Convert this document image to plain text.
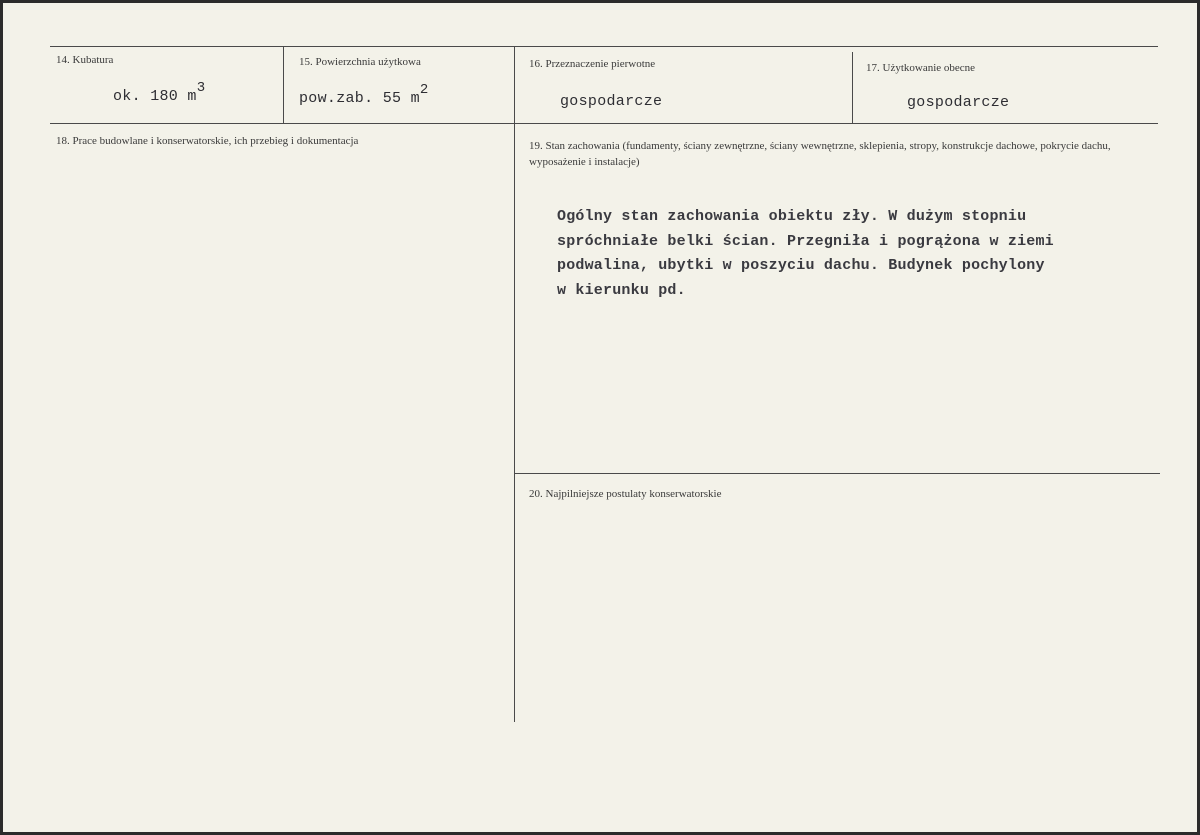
14. Kubatura
ok. 180 $m^3$
15. Powierzchnia użytkowa
pow.zab. 55 $m^2$
16. Przeznaczenie pierwotne
gospodarcze
17. Użytkowanie obecne
gospodarcze
18. Prace budowlane i konserwatorskie, ich przebieg i dokumentacja	19. Stan zachowania (fundamenty, ściany zewnętrzne, ściany wewnętrzne, sklepienia, stropy, konstrukcje dachowe, pokrycie dachu, wyposażenie i instalacje)
Ogólny stan zachowania obiektu zły. W dużym stopniu
spróchniałe belki ścian. Przegniła i pogrążona w ziemi
podwalina, ubytki w poszyciu dachu. Budynek pochylony
w kierunku pd.
20. Najpilniejsze postulaty konserwatorskie
